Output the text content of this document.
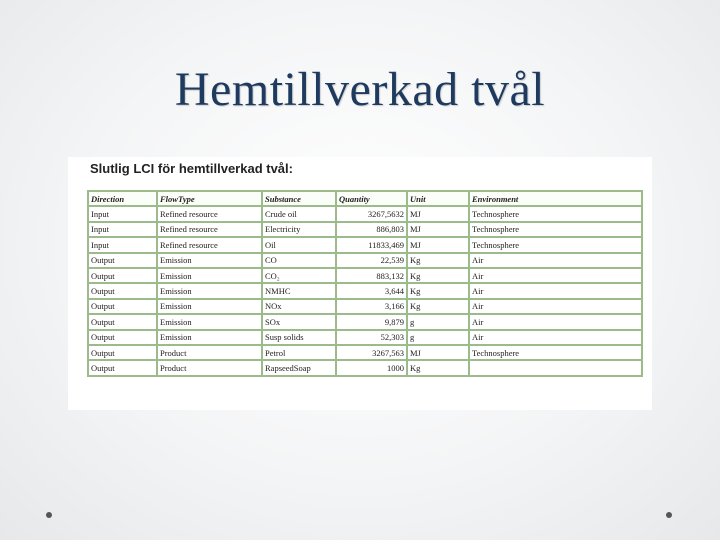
Hemtillverkad tvål
Slutlig LCI för hemtillverkad tvål:
Direction	FlowType	Substance	Quantity	Unit	Environment
Input	Refined resource	Crude oil	3267,5632	MJ	Technosphere
Input	Refined resource	Electricity	886,803	MJ	Technosphere
Input	Refined resource	Oil	11833,469	MJ	Technosphere
Output	Emission	CO	22,539	Kg	Air
Output	Emission	CO₂	883,132	Kg	Air
Output	Emission	NMHC	3,644	Kg	Air
Output	Emission	NOx	3,166	Kg	Air
Output	Emission	SOx	9,879	g	Air
Output	Emission	Susp solids	52,303	g	Air
Output	Product	Petrol	3267,563	MJ	Technosphere
Output	Product	RapseedSoap	1000	Kg	
